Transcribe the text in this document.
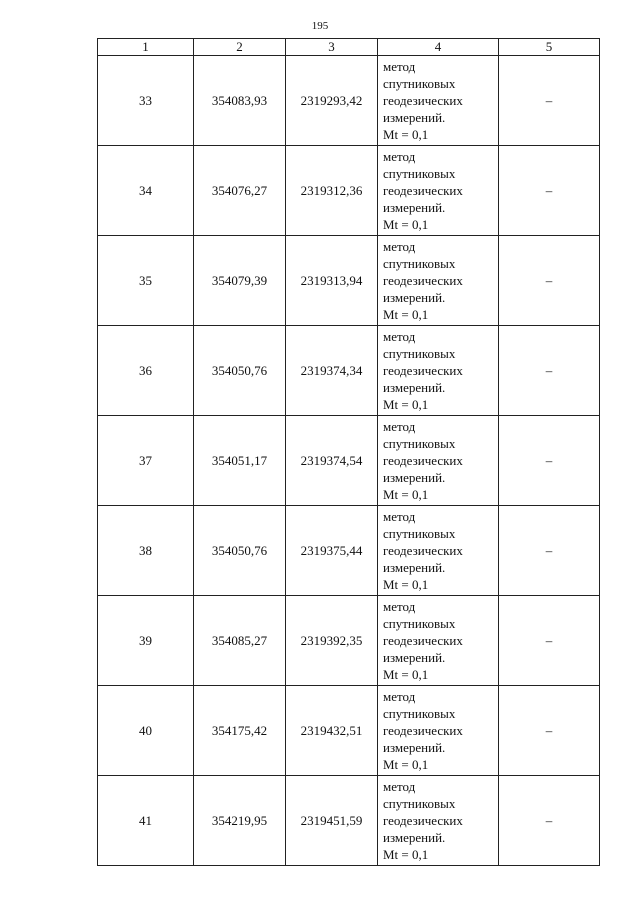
195
1	2	3	4	5
33	354083,93	2319293,42	метод
спутниковых
геодезических
измерений.
Mt = 0,1	–
34	354076,27	2319312,36	метод
спутниковых
геодезических
измерений.
Mt = 0,1	–
35	354079,39	2319313,94	метод
спутниковых
геодезических
измерений.
Mt = 0,1	–
36	354050,76	2319374,34	метод
спутниковых
геодезических
измерений.
Mt = 0,1	–
37	354051,17	2319374,54	метод
спутниковых
геодезических
измерений.
Mt = 0,1	–
38	354050,76	2319375,44	метод
спутниковых
геодезических
измерений.
Mt = 0,1	–
39	354085,27	2319392,35	метод
спутниковых
геодезических
измерений.
Mt = 0,1	–
40	354175,42	2319432,51	метод
спутниковых
геодезических
измерений.
Mt = 0,1	–
41	354219,95	2319451,59	метод
спутниковых
геодезических
измерений.
Mt = 0,1	–
